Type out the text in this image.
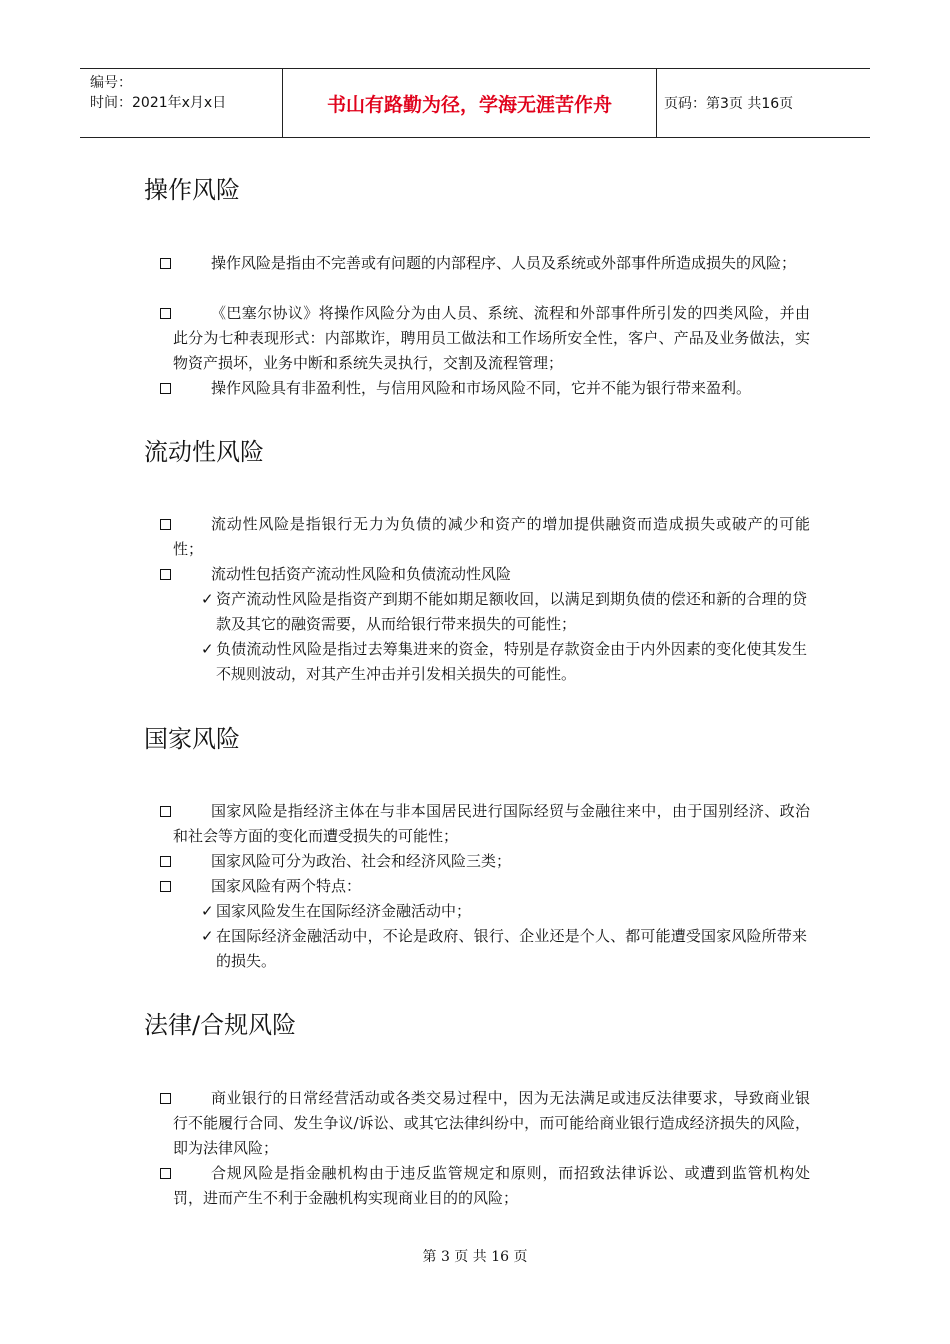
编号：
时间：2021年x月x日	书山有路勤为径，学海无涯苦作舟	页码：第3页 共16页
操作风险
操作风险是指由不完善或有问题的内部程序、人员及系统或外部事件所造成损失的风险；
《巴塞尔协议》将操作风险分为由人员、系统、流程和外部事件所引发的四类风险，并由此分为七种表现形式：内部欺诈，聘用员工做法和工作场所安全性，客户、产品及业务做法，实物资产损坏，业务中断和系统失灵执行，交割及流程管理；
操作风险具有非盈利性，与信用风险和市场风险不同，它并不能为银行带来盈利。
流动性风险
流动性风险是指银行无力为负债的减少和资产的增加提供融资而造成损失或破产的可能性；
流动性包括资产流动性风险和负债流动性风险
✓ 资产流动性风险是指资产到期不能如期足额收回，以满足到期负债的偿还和新的合理的贷款及其它的融资需要，从而给银行带来损失的可能性；
✓ 负债流动性风险是指过去筹集进来的资金，特别是存款资金由于内外因素的变化使其发生不规则波动，对其产生冲击并引发相关损失的可能性。
国家风险
国家风险是指经济主体在与非本国居民进行国际经贸与金融往来中，由于国别经济、政治和社会等方面的变化而遭受损失的可能性；
国家风险可分为政治、社会和经济风险三类；
国家风险有两个特点：
✓ 国家风险发生在国际经济金融活动中；
✓ 在国际经济金融活动中，不论是政府、银行、企业还是个人、都可能遭受国家风险所带来的损失。
法律/合规风险
商业银行的日常经营活动或各类交易过程中，因为无法满足或违反法律要求，导致商业银行不能履行合同、发生争议/诉讼、或其它法律纠纷中，而可能给商业银行造成经济损失的风险，即为法律风险；
合规风险是指金融机构由于违反监管规定和原则，而招致法律诉讼、或遭到监管机构处罚，进而产生不利于金融机构实现商业目的的风险；
第 3 页 共 16 页
